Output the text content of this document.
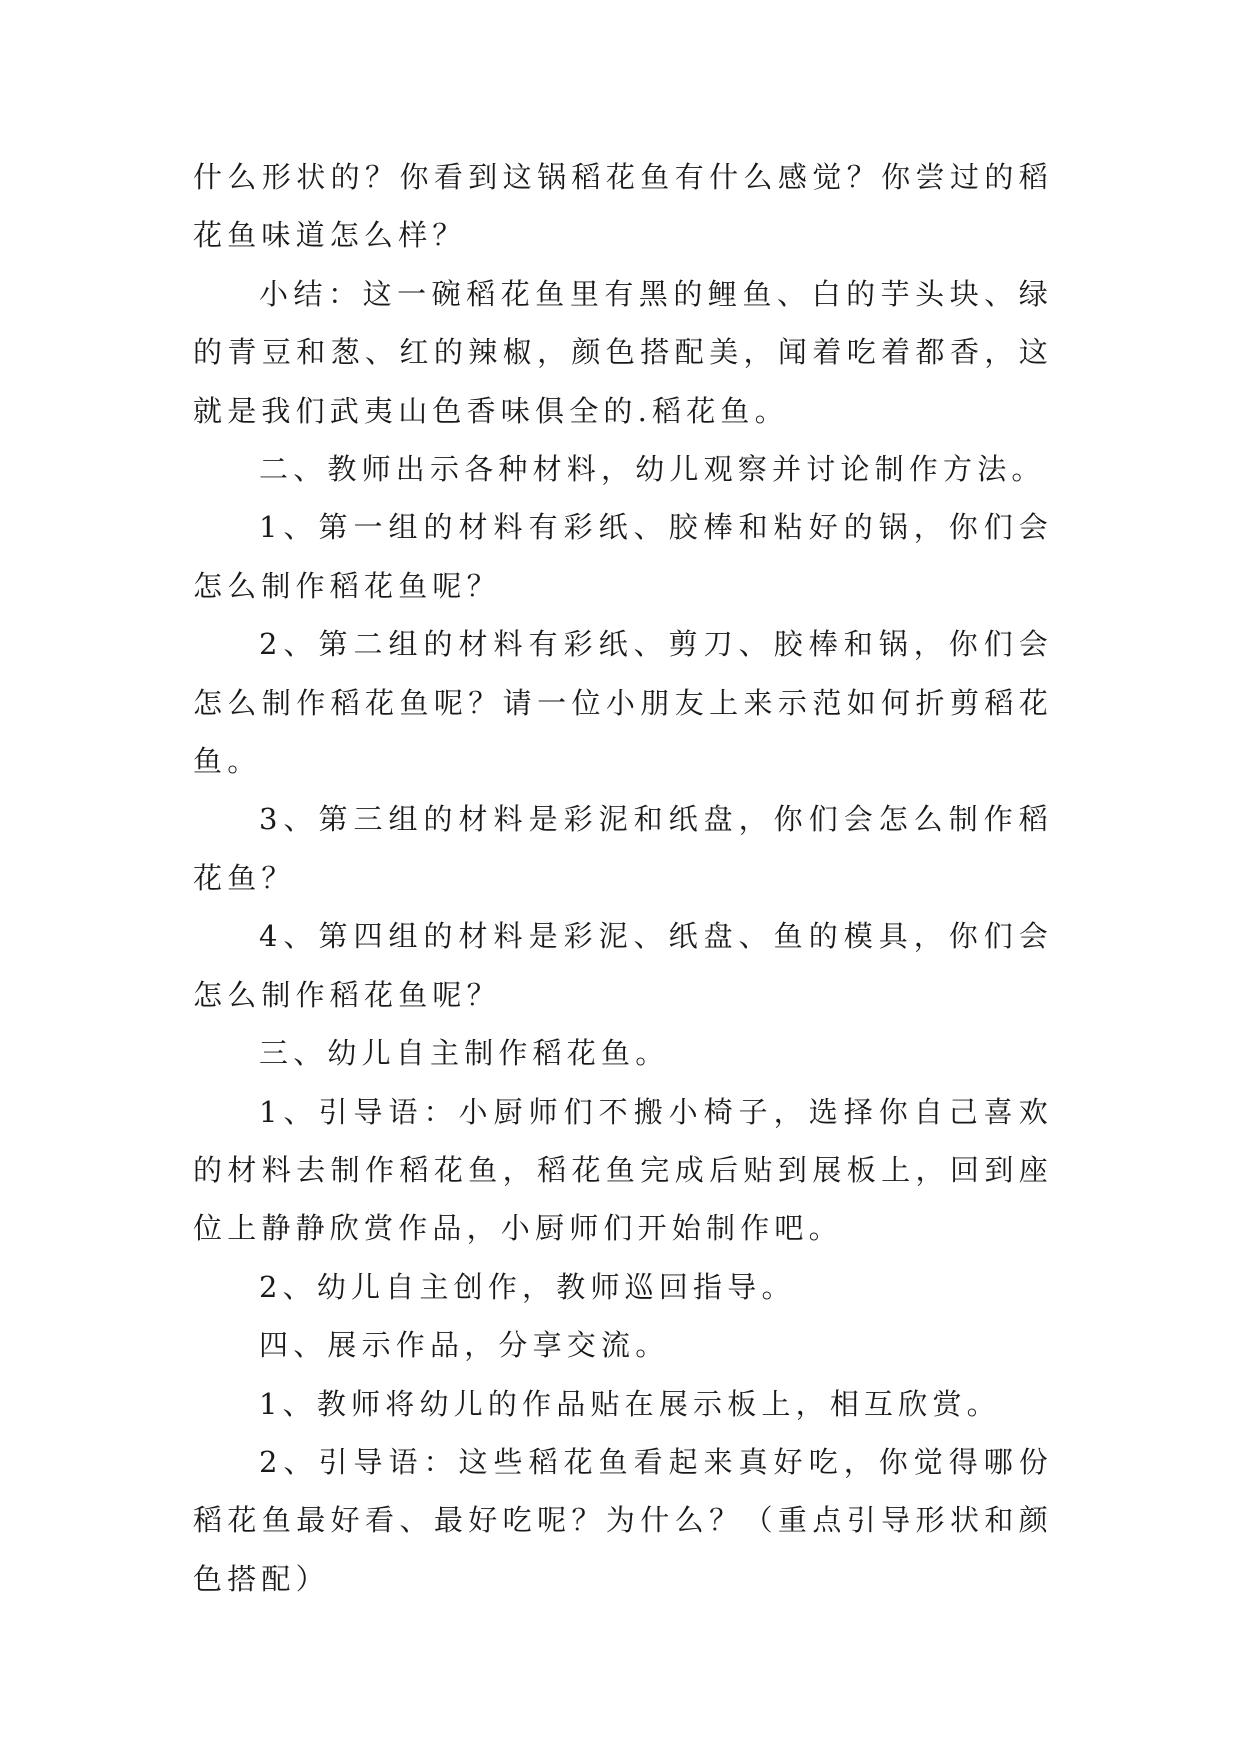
什么形状的？你看到这锅稻花鱼有什么感觉？你尝过的稻花鱼味道怎么样？

小结：这一碗稻花鱼里有黑的鲤鱼、白的芋头块、绿的青豆和葱、红的辣椒，颜色搭配美，闻着吃着都香，这就是我们武夷山色香味俱全的.稻花鱼。

二、教师出示各种材料，幼儿观察并讨论制作方法。

1、第一组的材料有彩纸、胶棒和粘好的锅，你们会怎么制作稻花鱼呢？

2、第二组的材料有彩纸、剪刀、胶棒和锅，你们会怎么制作稻花鱼呢？请一位小朋友上来示范如何折剪稻花鱼。

3、第三组的材料是彩泥和纸盘，你们会怎么制作稻花鱼？

4、第四组的材料是彩泥、纸盘、鱼的模具，你们会怎么制作稻花鱼呢？

三、幼儿自主制作稻花鱼。

1、引导语：小厨师们不搬小椅子，选择你自己喜欢的材料去制作稻花鱼，稻花鱼完成后贴到展板上，回到座位上静静欣赏作品，小厨师们开始制作吧。

2、幼儿自主创作，教师巡回指导。

四、展示作品，分享交流。

1、教师将幼儿的作品贴在展示板上，相互欣赏。

2、引导语：这些稻花鱼看起来真好吃，你觉得哪份稻花鱼最好看、最好吃呢？为什么？（重点引导形状和颜色搭配）
